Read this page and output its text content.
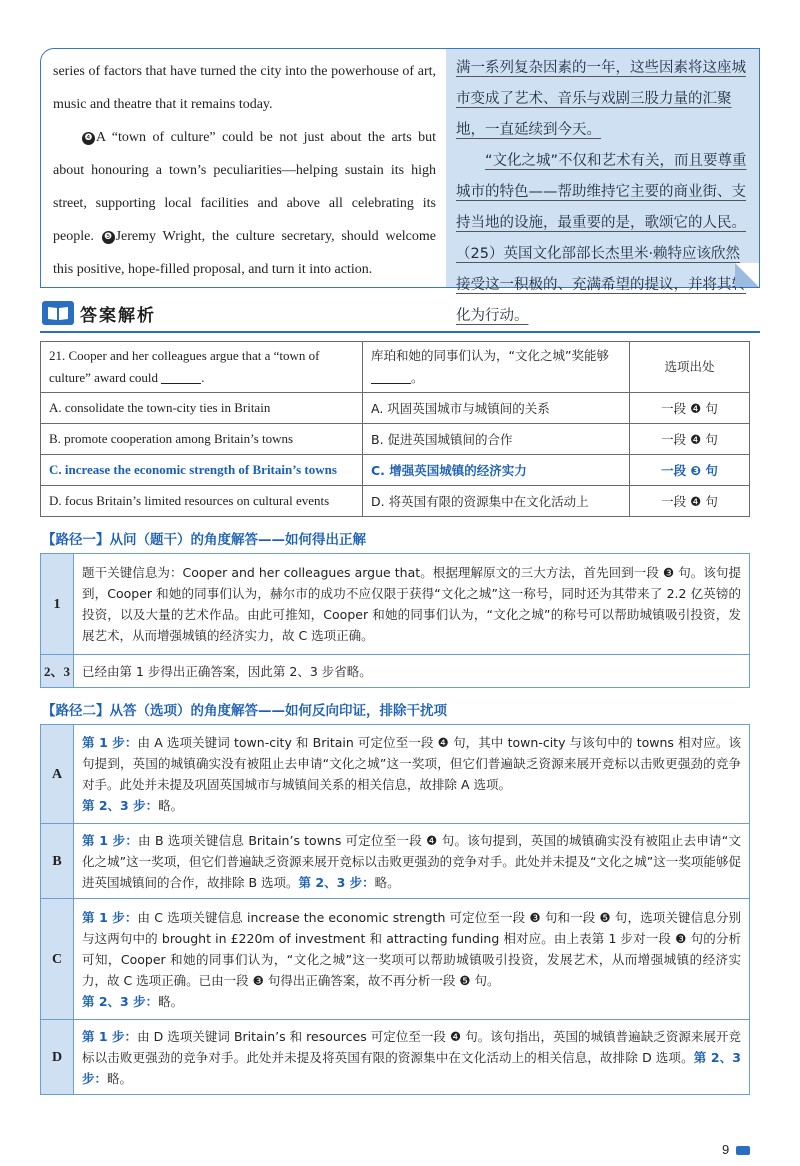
series of factors that have turned the city into the powerhouse of art, music and theatre that it remains today.

❹ A “town of culture” could be not just about the arts but about honouring a town’s peculiarities—helping sustain its high street, supporting local facilities and above all celebrating its people. ❺ Jeremy Wright, the culture secretary, should welcome this positive, hope-filled proposal, and turn it into action.

满一系列复杂因素的一年，这些因素将这座城市变成了艺术、音乐与戏剧三股力量的汇聚地，一直延续到今天。

“文化之城”不仅和艺术有关，而且要尊重城市的特色——帮助维持它主要的商业街、支持当地的设施，最重要的是，歌颂它的人民。（25）英国文化部部长杰里米·赖特应该欣然接受这一积极的、充满希望的提议，并将其转化为行动。

答案解析
21. Cooper and her colleagues argue that a “town of culture” award could .	库珀和她的同事们认为，“文化之城”奖能够。	选项出处
A. consolidate the town-city ties in Britain	A. 巩固英国城市与城镇间的关系	一段 ❹ 句
B. promote cooperation among Britain’s towns	B. 促进英国城镇间的合作	一段 ❹ 句
C. increase the economic strength of Britain’s towns	C. 增强英国城镇的经济实力	一段 ❸ 句
D. focus Britain’s limited resources on cultural events	D. 将英国有限的资源集中在文化活动上	一段 ❹ 句
【路径一】从问（题干）的角度解答——如何得出正解
1	题干关键信息为：Cooper and her colleagues argue that。根据理解原文的三大方法，首先回到一段 ❸ 句。该句提到，Cooper 和她的同事们认为，赫尔市的成功不应仅限于获得“文化之城”这一称号，同时还为其带来了 2.2 亿英镑的投资，以及大量的艺术作品。由此可推知，Cooper 和她的同事们认为，“文化之城”的称号可以帮助城镇吸引投资，发展艺术，从而增强城镇的经济实力，故 C 选项正确。
2、3	已经由第 1 步得出正确答案，因此第 2、3 步省略。
【路径二】从答（选项）的角度解答——如何反向印证，排除干扰项
A	第 1 步：由 A 选项关键词 town-city 和 Britain 可定位至一段 ❹ 句，其中 town-city 与该句中的 towns 相对应。该句提到，英国的城镇确实没有被阻止去申请“文化之城”这一奖项，但它们普遍缺乏资源来展开竞标以击败更强劲的竞争对手。此处并未提及巩固英国城市与城镇间关系的相关信息，故排除 A 选项。
第 2、3 步：略。
B	第 1 步：由 B 选项关键信息 Britain’s towns 可定位至一段 ❹ 句。该句提到，英国的城镇确实没有被阻止去申请“文化之城”这一奖项，但它们普遍缺乏资源来展开竞标以击败更强劲的竞争对手。此处并未提及“文化之城”这一奖项能够促进英国城镇间的合作，故排除 B 选项。第 2、3 步：略。
C	第 1 步：由 C 选项关键信息 increase the economic strength 可定位至一段 ❸ 句和一段 ❺ 句，选项关键信息分别与这两句中的 brought in £220m of investment 和 attracting funding 相对应。由上表第 1 步对一段 ❸ 句的分析可知，Cooper 和她的同事们认为，“文化之城”这一奖项可以帮助城镇吸引投资，发展艺术，从而增强城镇的经济实力，故 C 选项正确。已由一段 ❸ 句得出正确答案，故不再分析一段 ❺ 句。
第 2、3 步：略。
D	第 1 步：由 D 选项关键词 Britain’s 和 resources 可定位至一段 ❹ 句。该句指出，英国的城镇普遍缺乏资源来展开竞标以击败更强劲的竞争对手。此处并未提及将英国有限的资源集中在文化活动上的相关信息，故排除 D 选项。第 2、3 步：略。
9
